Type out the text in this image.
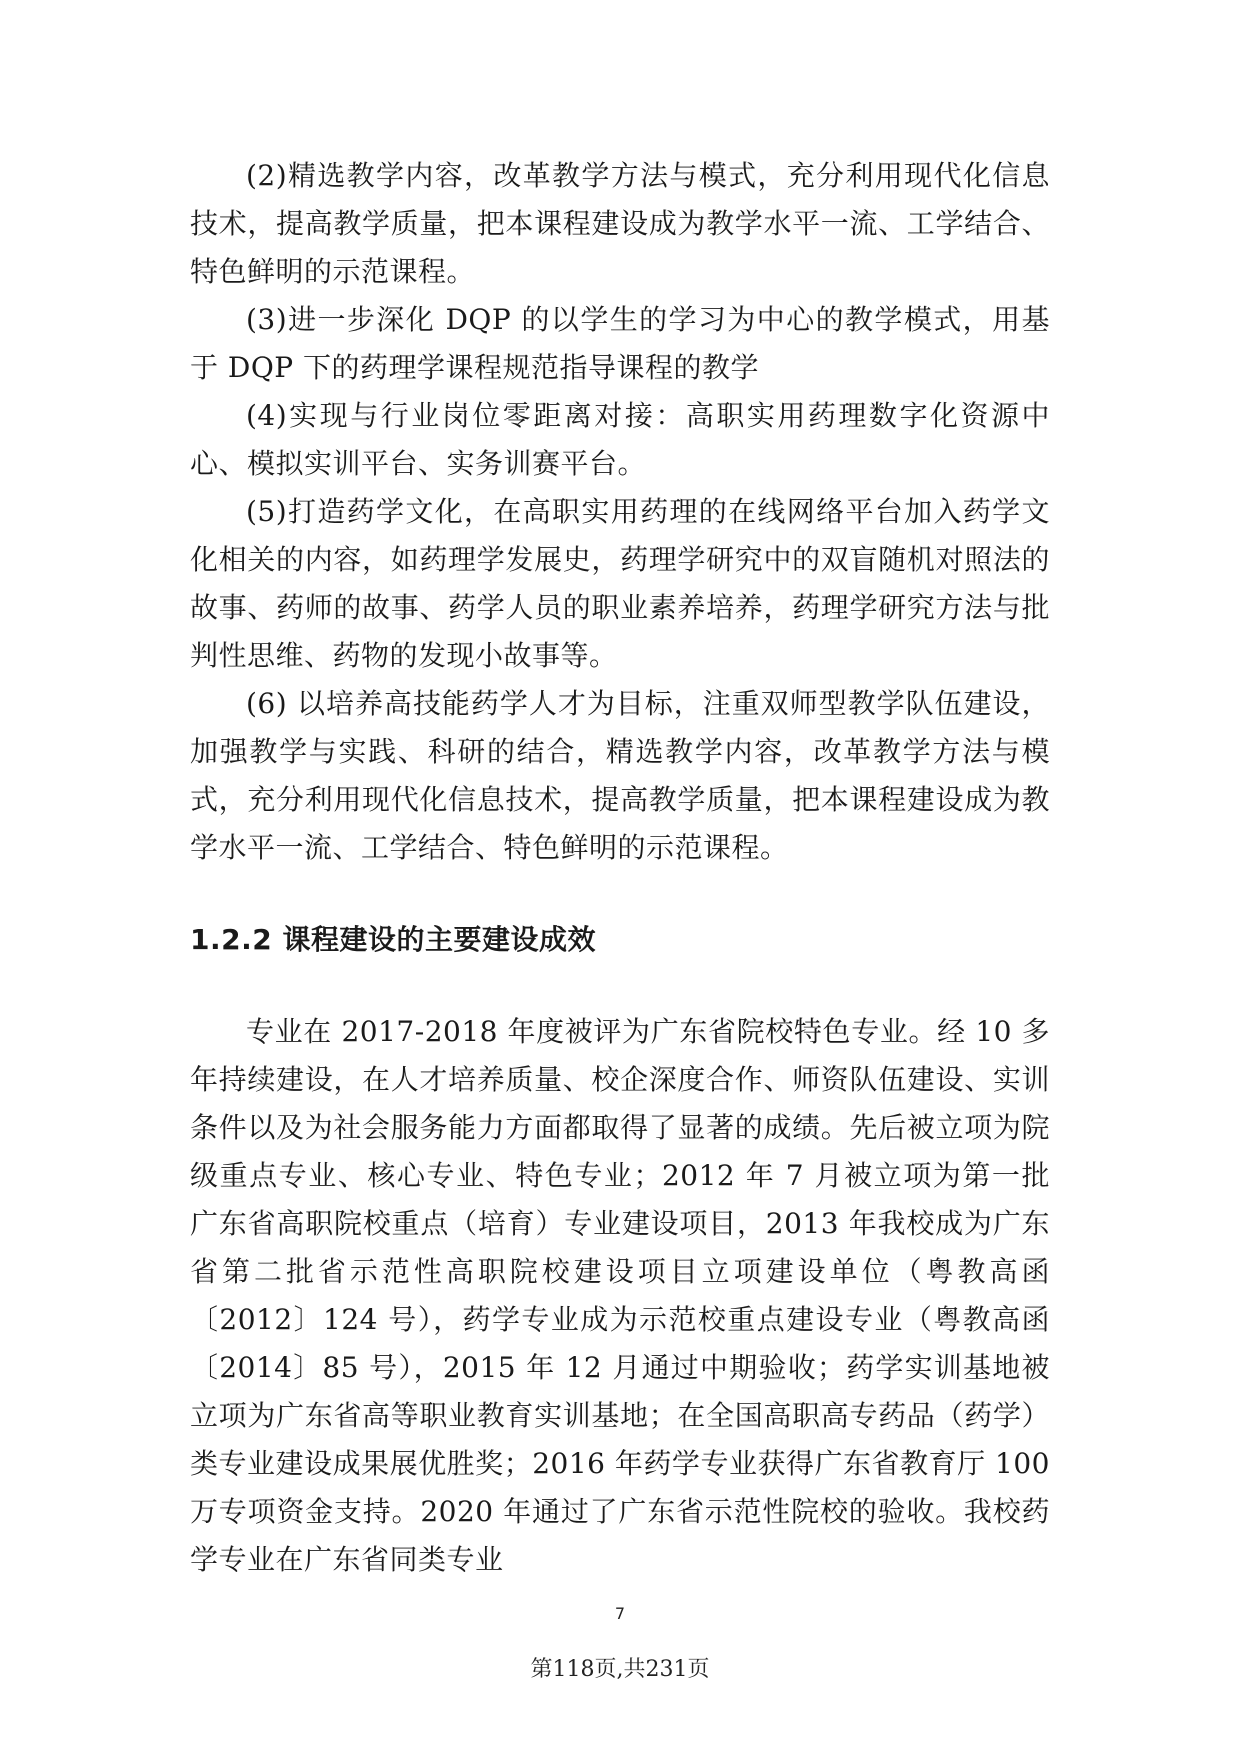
(2)精选教学内容，改革教学方法与模式，充分利用现代化信息技术，提高教学质量，把本课程建设成为教学水平一流、工学结合、特色鲜明的示范课程。

(3)进一步深化 DQP 的以学生的学习为中心的教学模式，用基于 DQP 下的药理学课程规范指导课程的教学

(4)实现与行业岗位零距离对接：高职实用药理数字化资源中心、模拟实训平台、实务训赛平台。

(5)打造药学文化，在高职实用药理的在线网络平台加入药学文化相关的内容，如药理学发展史，药理学研究中的双盲随机对照法的故事、药师的故事、药学人员的职业素养培养，药理学研究方法与批判性思维、药物的发现小故事等。

(6) 以培养高技能药学人才为目标，注重双师型教学队伍建设，加强教学与实践、科研的结合，精选教学内容，改革教学方法与模式，充分利用现代化信息技术，提高教学质量，把本课程建设成为教学水平一流、工学结合、特色鲜明的示范课程。

1.2.2 课程建设的主要建设成效

专业在 2017-2018 年度被评为广东省院校特色专业。经 10 多年持续建设，在人才培养质量、校企深度合作、师资队伍建设、实训条件以及为社会服务能力方面都取得了显著的成绩。先后被立项为院级重点专业、核心专业、特色专业；2012 年 7 月被立项为第一批广东省高职院校重点（培育）专业建设项目，2013 年我校成为广东省第二批省示范性高职院校建设项目立项建设单位（粤教高函〔2012〕124 号），药学专业成为示范校重点建设专业（粤教高函〔2014〕85 号），2015 年 12 月通过中期验收；药学实训基地被立项为广东省高等职业教育实训基地；在全国高职高专药品（药学）类专业建设成果展优胜奖；2016 年药学专业获得广东省教育厅 100 万专项资金支持。2020 年通过了广东省示范性院校的验收。我校药学专业在广东省同类专业

7
第118页,共231页
